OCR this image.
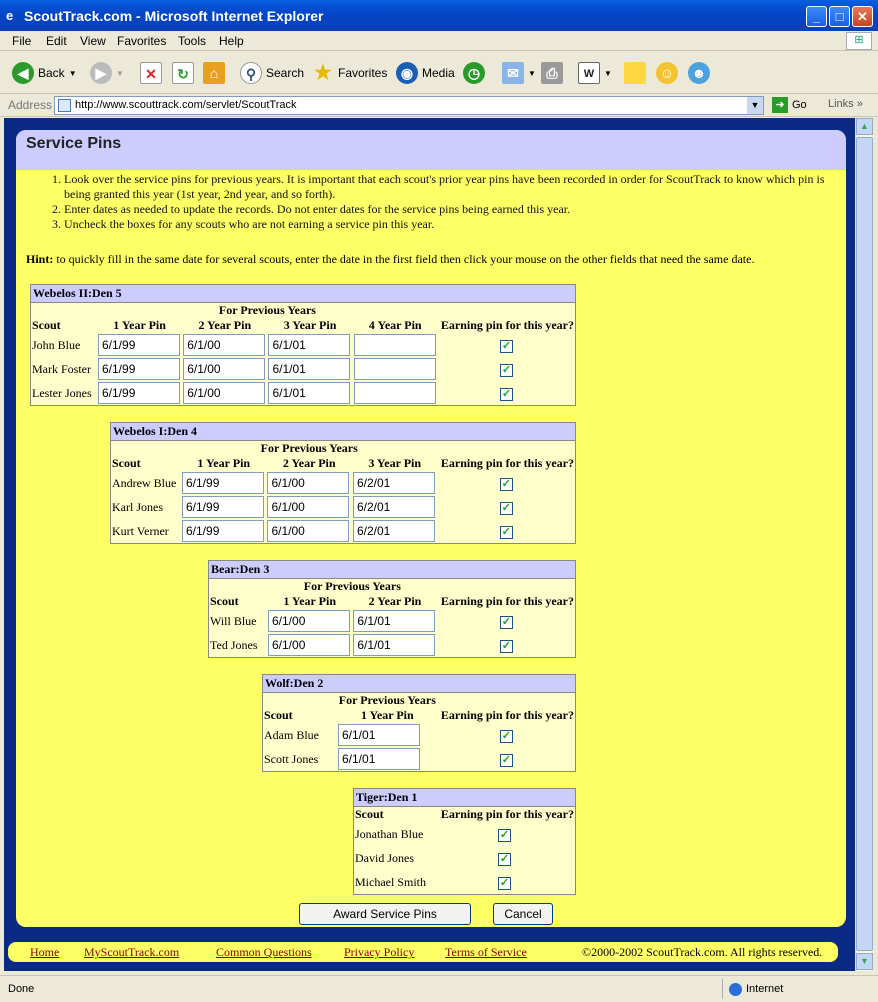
e ScoutTrack.com - Microsoft Internet Explorer	_	□	✕
File Edit View Favorites Tools Help	⊞
◀ Back ▼	▶	▼	✕	↻	⌂	⚲ Search ★ Favorites ◉ Media ◷	✉	▼ ⎙	W	▼	☺ ☻
Address	http://www.scouttrack.com/servlet/ScoutTrack	▼	➜ Go Links »
Service Pins
1. Look over the service pins for previous years. It is important that each scout's prior year pins have been recorded in order for ScoutTrack to know which pin is being granted this year (1st year, 2nd year, and so forth).
2. Enter dates as needed to update the records. Do not enter dates for the service pins being earned this year.
3. Uncheck the boxes for any scouts who are not earning a service pin this year.
Hint: to quickly fill in the same date for several scouts, enter the date in the first field then click your mouse on the other fields that need the same date.
Webelos II:Den 5
	For Previous Years				
Scout	1 Year Pin	2 Year Pin	3 Year Pin	4 Year Pin	Earning pin for this year?
John Blue	6/1/99	6/1/00	6/1/01		✓
Mark Foster	6/1/99	6/1/00	6/1/01		✓
Lester Jones	6/1/99	6/1/00	6/1/01		✓
Webelos I:Den 4
	For Previous Years			
Scout	1 Year Pin	2 Year Pin	3 Year Pin	Earning pin for this year?
Andrew Blue	6/1/99	6/1/00	6/2/01	✓
Karl Jones	6/1/99	6/1/00	6/2/01	✓
Kurt Verner	6/1/99	6/1/00	6/2/01	✓
Bear:Den 3
	For Previous Years		
Scout	1 Year Pin	2 Year Pin	Earning pin for this year?
Will Blue	6/1/00	6/1/01	✓
Ted Jones	6/1/00	6/1/01	✓
Wolf:Den 2
	For Previous Years	
Scout	1 Year Pin	Earning pin for this year?
Adam Blue	6/1/01	✓
Scott Jones	6/1/01	✓
Tiger:Den 1
Scout	Earning pin for this year?
Jonathan Blue	✓
David Jones	✓
Michael Smith	✓
Award Service Pins	Cancel
Home MyScoutTrack.com	Common Questions	Privacy Policy	Terms of Service	©2000-2002 ScoutTrack.com. All rights reserved.
▲
▼
Done	Internet
